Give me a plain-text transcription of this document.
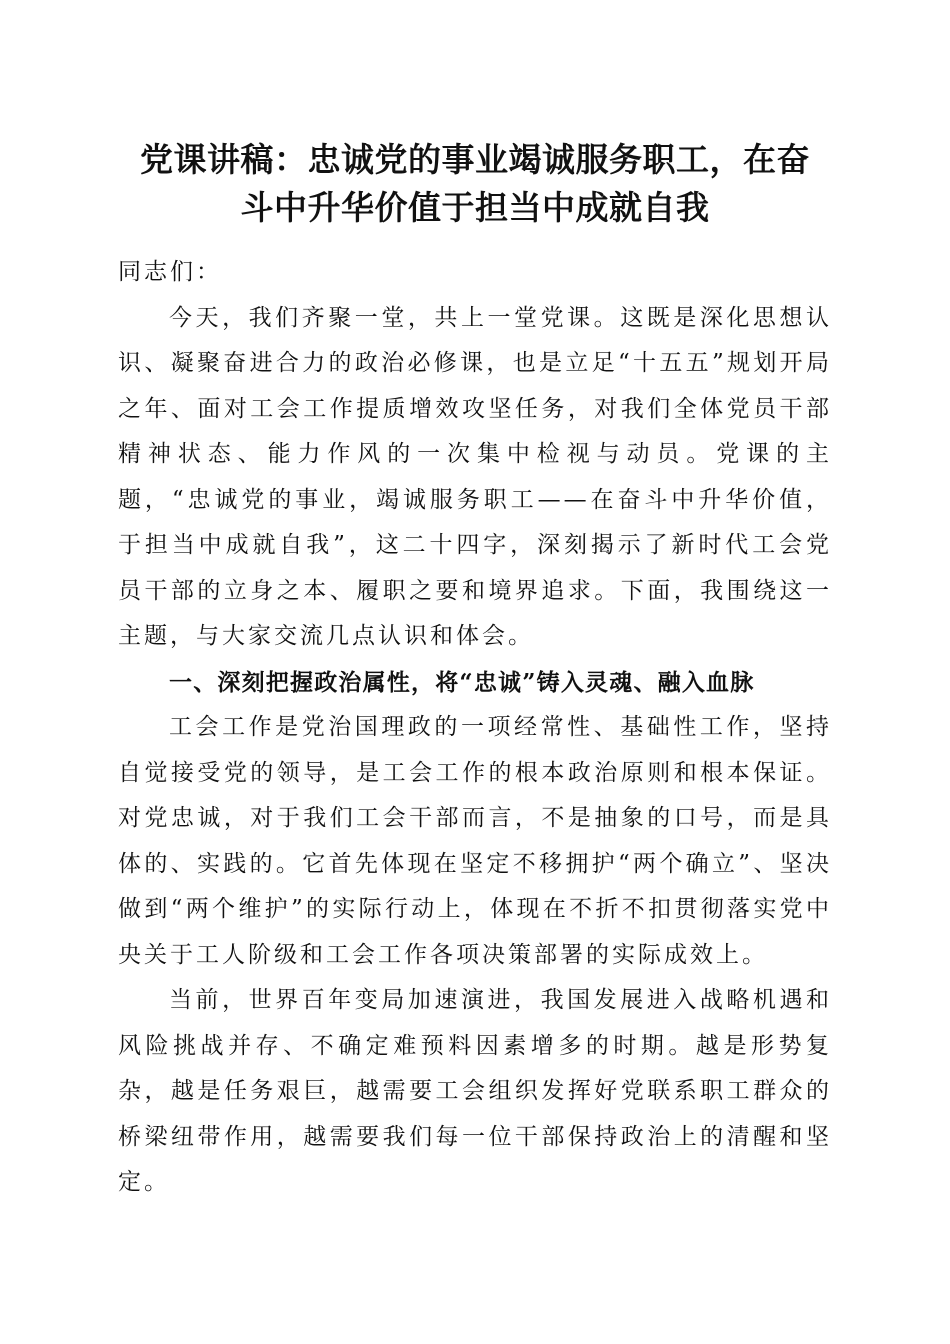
党课讲稿：忠诚党的事业竭诚服务职工，在奋
斗中升华价值于担当中成就自我

同志们：

今天，我们齐聚一堂，共上一堂党课。这既是深化思想认识、凝聚奋进合力的政治必修课，也是立足“十五五”规划开局之年、面对工会工作提质增效攻坚任务，对我们全体党员干部精神状态、能力作风的一次集中检视与动员。党课的主题，“忠诚党的事业，竭诚服务职工——在奋斗中升华价值，于担当中成就自我”，这二十四字，深刻揭示了新时代工会党员干部的立身之本、履职之要和境界追求。下面，我围绕这一主题，与大家交流几点认识和体会。

一、深刻把握政治属性，将“忠诚”铸入灵魂、融入血脉

工会工作是党治国理政的一项经常性、基础性工作，坚持自觉接受党的领导，是工会工作的根本政治原则和根本保证。对党忠诚，对于我们工会干部而言，不是抽象的口号，而是具体的、实践的。它首先体现在坚定不移拥护“两个确立”、坚决做到“两个维护”的实际行动上，体现在不折不扣贯彻落实党中央关于工人阶级和工会工作各项决策部署的实际成效上。

当前，世界百年变局加速演进，我国发展进入战略机遇和风险挑战并存、不确定难预料因素增多的时期。越是形势复杂，越是任务艰巨，越需要工会组织发挥好党联系职工群众的桥梁纽带作用，越需要我们每一位干部保持政治上的清醒和坚定。
